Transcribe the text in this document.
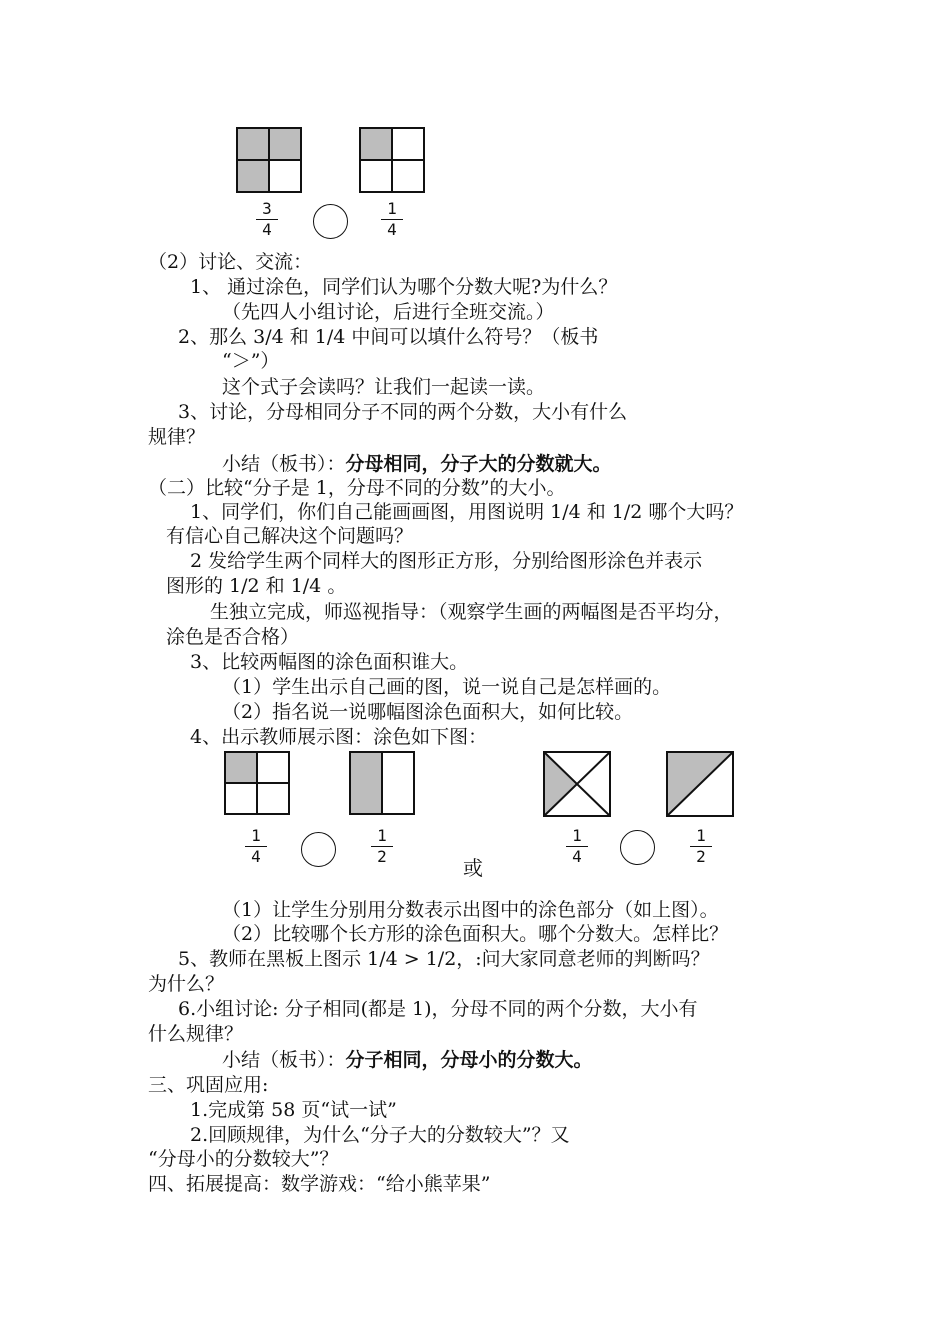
3
4
1
4
（2）讨论、交流：
1、 通过涂色，同学们认为哪个分数大呢?为什么？
（先四人小组讨论，后进行全班交流。）
2、那么 3/4 和 1/4 中间可以填什么符号？（板书
“＞”）
这个式子会读吗？让我们一起读一读。
3、讨论，分母相同分子不同的两个分数，大小有什么
规律？
小结（板书）：分母相同，分子大的分数就大。
（二）比较“分子是 1，分母不同的分数”的大小。
1、同学们，你们自己能画画图，用图说明 1/4 和 1/2 哪个大吗？
有信心自己解决这个问题吗？
2 发给学生两个同样大的图形正方形，分别给图形涂色并表示
图形的 1/2 和 1/4 。
生独立完成，师巡视指导：（观察学生画的两幅图是否平均分，
涂色是否合格）
3、比较两幅图的涂色面积谁大。
（1）学生出示自己画的图，说一说自己是怎样画的。
（2）指名说一说哪幅图涂色面积大，如何比较。
4、出示教师展示图：涂色如下图：
1
4
1
2	或
1
4
1
2
（1）让学生分别用分数表示出图中的涂色部分（如上图）。
（2）比较哪个长方形的涂色面积大。哪个分数大。怎样比？
5、教师在黑板上图示 1/4 > 1/2，:问大家同意老师的判断吗？
为什么？
6.小组讨论: 分子相同(都是 1)，分母不同的两个分数，大小有
什么规律？
小结（板书）：分子相同，分母小的分数大。
三、巩固应用:
1.完成第 58 页“试一试”
2.回顾规律，为什么“分子大的分数较大”？又
“分母小的分数较大”？
四、拓展提高：数学游戏：“给小熊苹果”
